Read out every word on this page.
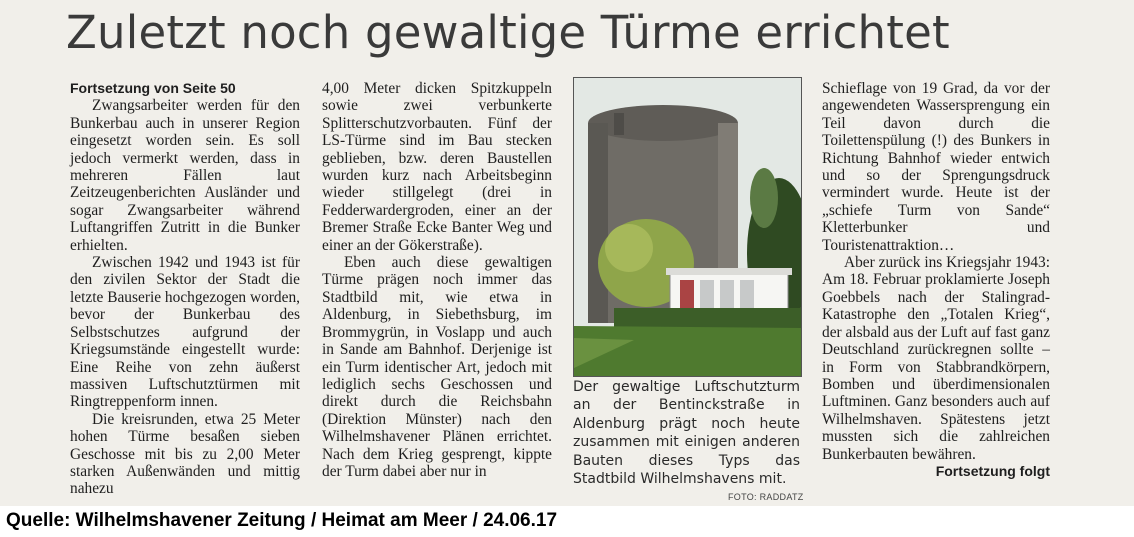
Zuletzt noch gewaltige Türme errichtet
Fortsetzung von Seite 50

Zwangsarbeiter werden für den Bunkerbau auch in unserer Region eingesetzt worden sein. Es soll jedoch vermerkt werden, dass in mehreren Fällen laut Zeitzeugenberichten Ausländer und sogar Zwangsarbeiter während Luftangriffen Zutritt in die Bunker erhielten.

Zwischen 1942 und 1943 ist für den zivilen Sektor der Stadt die letzte Bauserie hochgezogen worden, bevor der Bunkerbau des Selbstschutzes aufgrund der Kriegsumstände eingestellt wurde: Eine Reihe von zehn äußerst massiven Luftschutztürmen mit Ringtreppenform innen.

Die kreisrunden, etwa 25 Meter hohen Türme besaßen sieben Geschosse mit bis zu 2,00 Meter starken Außenwänden und mittig nahezu

4,00 Meter dicken Spitzkuppeln sowie zwei verbunkerte Splitterschutzvorbauten. Fünf der LS-Türme sind im Bau stecken geblieben, bzw. deren Baustellen wurden kurz nach Arbeitsbeginn wieder stillgelegt (drei in Fedderwardergroden, einer an der Bremer Straße Ecke Banter Weg und einer an der Gökerstraße).

Eben auch diese gewaltigen Türme prägen noch immer das Stadtbild mit, wie etwa in Aldenburg, in Siebethsburg, im Brommygrün, in Voslapp und auch in Sande am Bahnhof. Derjenige ist ein Turm identischer Art, jedoch mit lediglich sechs Geschossen und direkt durch die Reichsbahn (Direktion Münster) nach den Wilhelmshavener Plänen errichtet. Nach dem Krieg gesprengt, kippte der Turm dabei aber nur in

Der gewaltige Luftschutzturm an der Bentinckstraße in Aldenburg prägt noch heute zusammen mit einigen anderen Bauten dieses Typs das Stadtbild Wilhelmshavens mit.
FOTO: RADDATZ

Schieflage von 19 Grad, da vor der angewendeten Wassersprengung ein Teil davon durch die Toilettenspülung (!) des Bunkers in Richtung Bahnhof wieder entwich und so der Sprengungsdruck vermindert wurde. Heute ist der „schiefe Turm von Sande“ Kletterbunker und Touristenattraktion…

Aber zurück ins Kriegsjahr 1943: Am 18. Februar proklamierte Joseph Goebbels nach der Stalingrad-Katastrophe den „Totalen Krieg“, der alsbald aus der Luft auf fast ganz Deutschland zurückregnen sollte – in Form von Stabbrandkörpern, Bomben und überdimensionalen Luftminen. Ganz besonders auch auf Wilhelmshaven. Spätestens jetzt mussten sich die zahlreichen Bunkerbauten bewähren.

Fortsetzung folgt
Quelle: Wilhelmshavener Zeitung / Heimat am Meer / 24.06.17
